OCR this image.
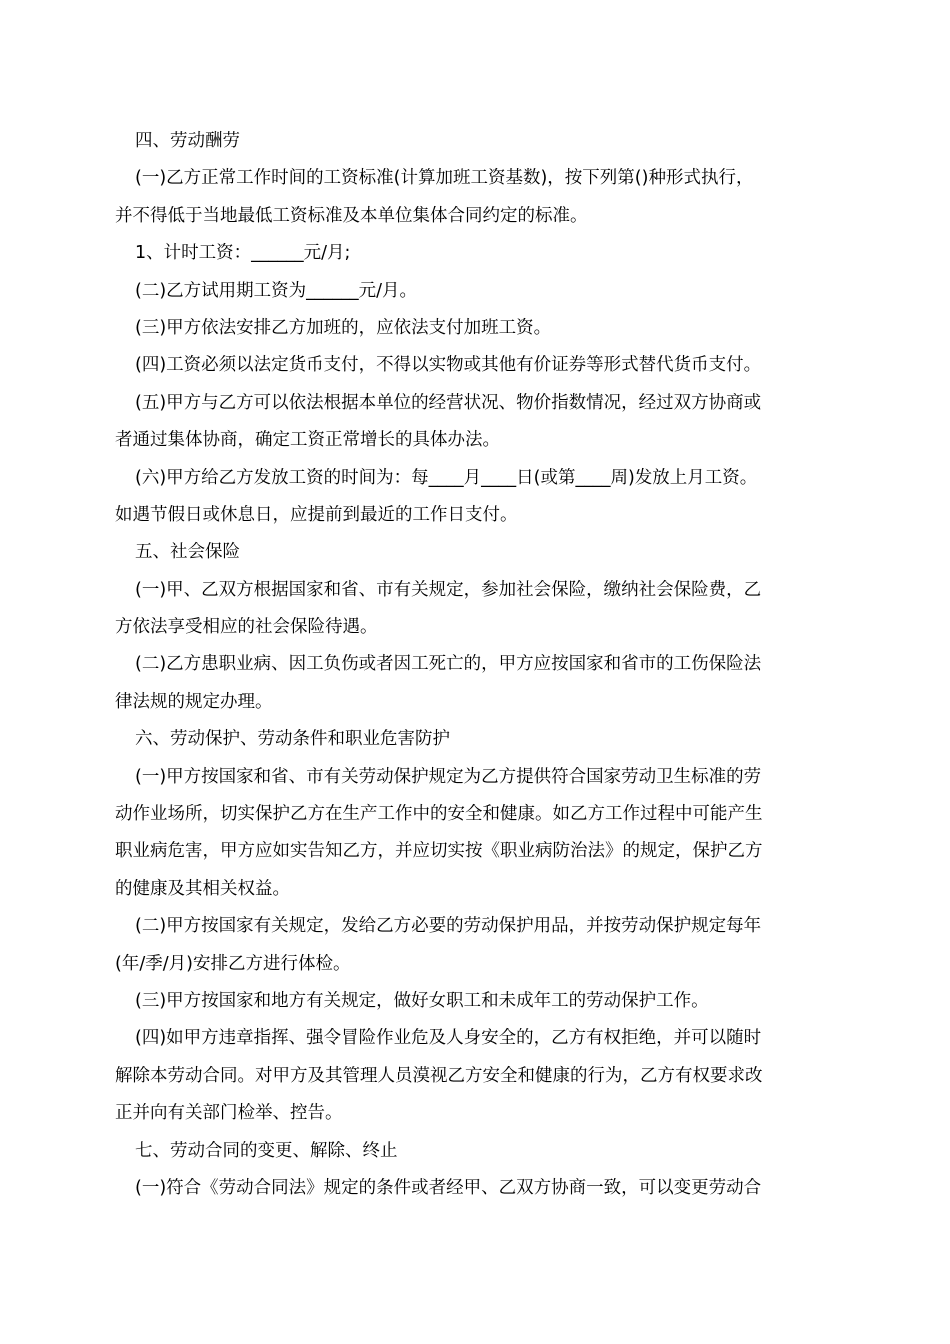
四、劳动酬劳
(一)乙方正常工作时间的工资标准(计算加班工资基数)，按下列第()种形式执行，
并不得低于当地最低工资标准及本单位集体合同约定的标准。
1、计时工资：______元/月;
(二)乙方试用期工资为______元/月。
(三)甲方依法安排乙方加班的，应依法支付加班工资。
(四)工资必须以法定货币支付，不得以实物或其他有价证券等形式替代货币支付。
(五)甲方与乙方可以依法根据本单位的经营状况、物价指数情况，经过双方协商或
者通过集体协商，确定工资正常增长的具体办法。
(六)甲方给乙方发放工资的时间为：每____月____日(或第____周)发放上月工资。
如遇节假日或休息日，应提前到最近的工作日支付。
五、社会保险
(一)甲、乙双方根据国家和省、市有关规定，参加社会保险，缴纳社会保险费，乙
方依法享受相应的社会保险待遇。
(二)乙方患职业病、因工负伤或者因工死亡的，甲方应按国家和省市的工伤保险法
律法规的规定办理。
六、劳动保护、劳动条件和职业危害防护
(一)甲方按国家和省、市有关劳动保护规定为乙方提供符合国家劳动卫生标准的劳
动作业场所，切实保护乙方在生产工作中的安全和健康。如乙方工作过程中可能产生
职业病危害，甲方应如实告知乙方，并应切实按《职业病防治法》的规定，保护乙方
的健康及其相关权益。
(二)甲方按国家有关规定，发给乙方必要的劳动保护用品，并按劳动保护规定每年
(年/季/月)安排乙方进行体检。
(三)甲方按国家和地方有关规定，做好女职工和未成年工的劳动保护工作。
(四)如甲方违章指挥、强令冒险作业危及人身安全的，乙方有权拒绝，并可以随时
解除本劳动合同。对甲方及其管理人员漠视乙方安全和健康的行为，乙方有权要求改
正并向有关部门检举、控告。
七、劳动合同的变更、解除、终止
(一)符合《劳动合同法》规定的条件或者经甲、乙双方协商一致，可以变更劳动合
